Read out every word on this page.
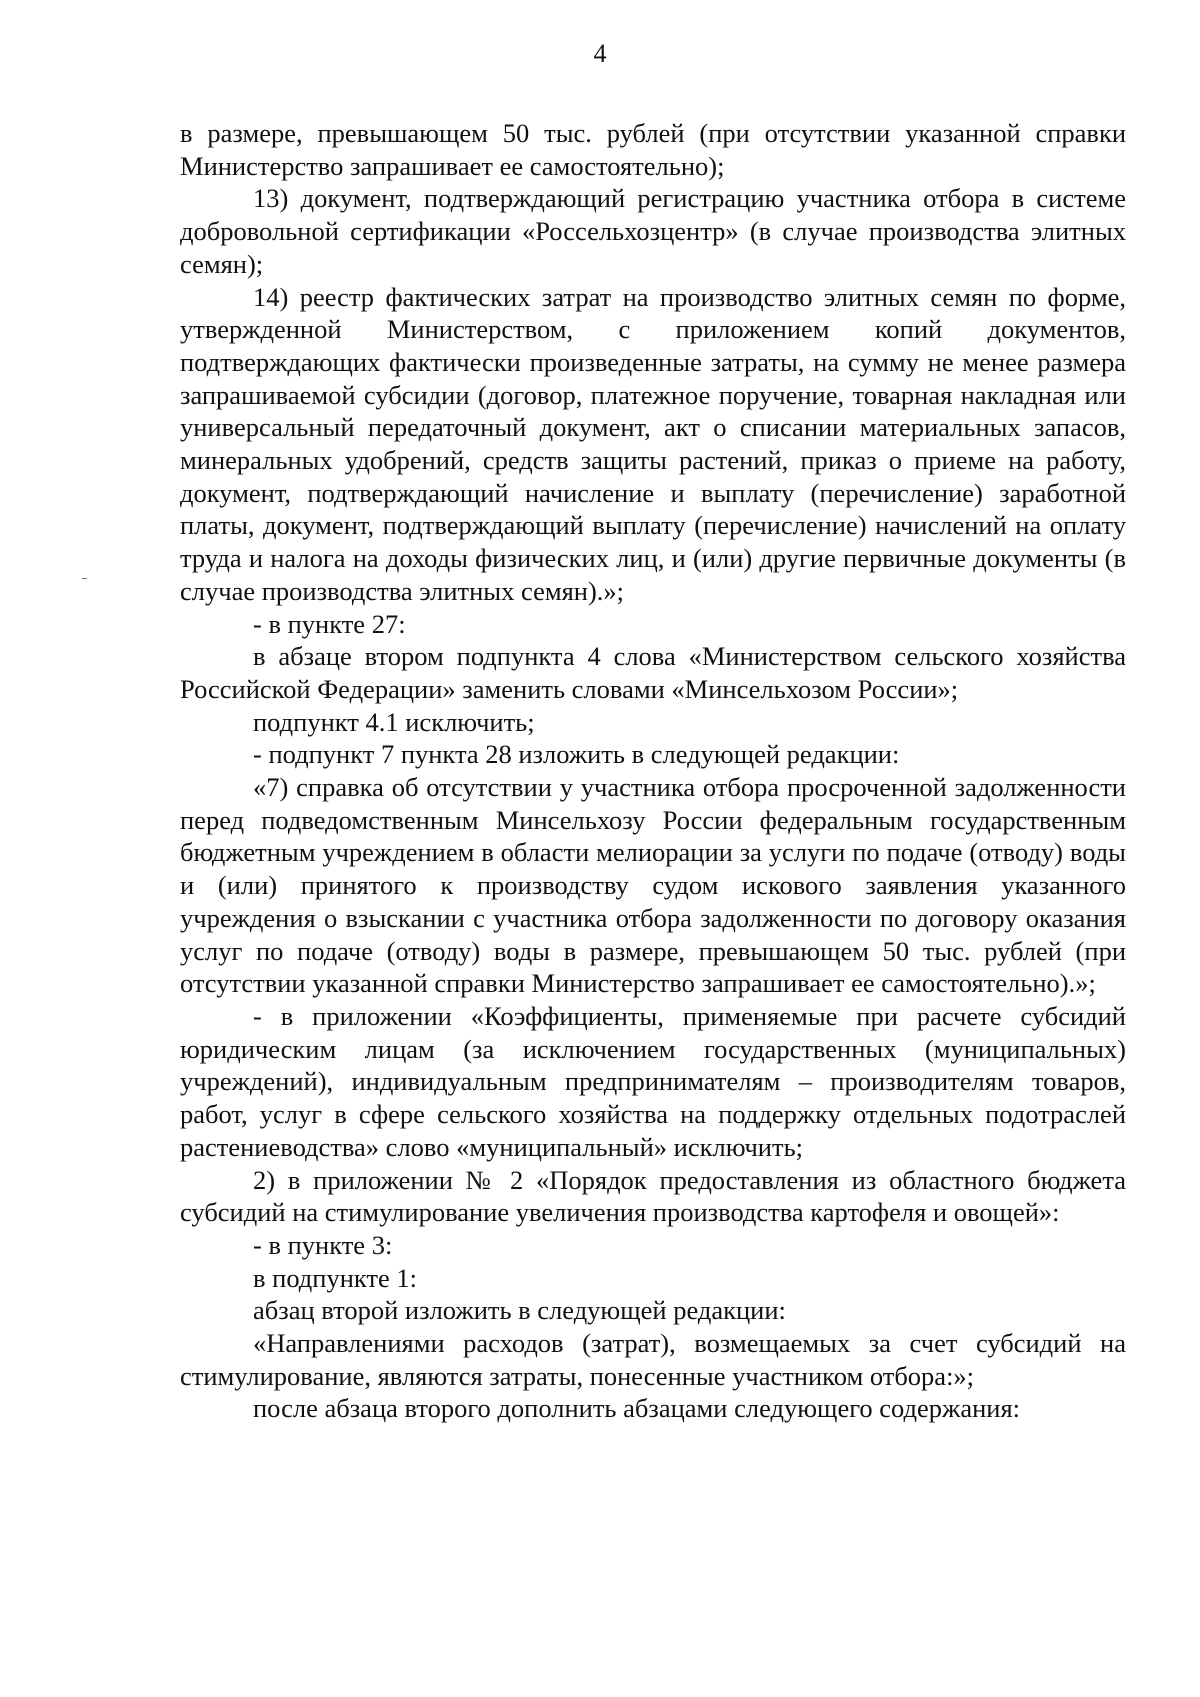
4

в размере, превышающем 50 тыс. рублей (при отсутствии указанной справки Министерство запрашивает ее самостоятельно);

13) документ, подтверждающий регистрацию участника отбора в системе добровольной сертификации «Россельхозцентр» (в случае производства элитных семян);

14) реестр фактических затрат на производство элитных семян по форме, утвержденной Министерством, с приложением копий документов, подтверждающих фактически произведенные затраты, на сумму не менее размера запрашиваемой субсидии (договор, платежное поручение, товарная накладная или универсальный передаточный документ, акт о списании материальных запасов, минеральных удобрений, средств защиты растений, приказ о приеме на работу, документ, подтверждающий начисление и выплату (перечисление) заработной платы, документ, подтверждающий выплату (перечисление) начислений на оплату труда и налога на доходы физических лиц, и (или) другие первичные документы (в случае производства элитных семян).»;

- в пункте 27:

в абзаце втором подпункта 4 слова «Министерством сельского хозяйства Российской Федерации» заменить словами «Минсельхозом России»;

подпункт 4.1 исключить;

- подпункт 7 пункта 28 изложить в следующей редакции:

«7) справка об отсутствии у участника отбора просроченной задолженности перед подведомственным Минсельхозу России федеральным государственным бюджетным учреждением в области мелиорации за услуги по подаче (отводу) воды и (или) принятого к производству судом искового заявления указанного учреждения о взыскании с участника отбора задолженности по договору оказания услуг по подаче (отводу) воды в размере, превышающем 50 тыс. рублей (при отсутствии указанной справки Министерство запрашивает ее самостоятельно).»;

- в приложении «Коэффициенты, применяемые при расчете субсидий юридическим лицам (за исключением государственных (муниципальных) учреждений), индивидуальным предпринимателям – производителям товаров, работ, услуг в сфере сельского хозяйства на поддержку отдельных подотраслей растениеводства» слово «муниципальный» исключить;

2) в приложении № 2 «Порядок предоставления из областного бюджета субсидий на стимулирование увеличения производства картофеля и овощей»:

- в пункте 3:

в подпункте 1:

абзац второй изложить в следующей редакции:

«Направлениями расходов (затрат), возмещаемых за счет субсидий на стимулирование, являются затраты, понесенные участником отбора:»;

после абзаца второго дополнить абзацами следующего содержания:
